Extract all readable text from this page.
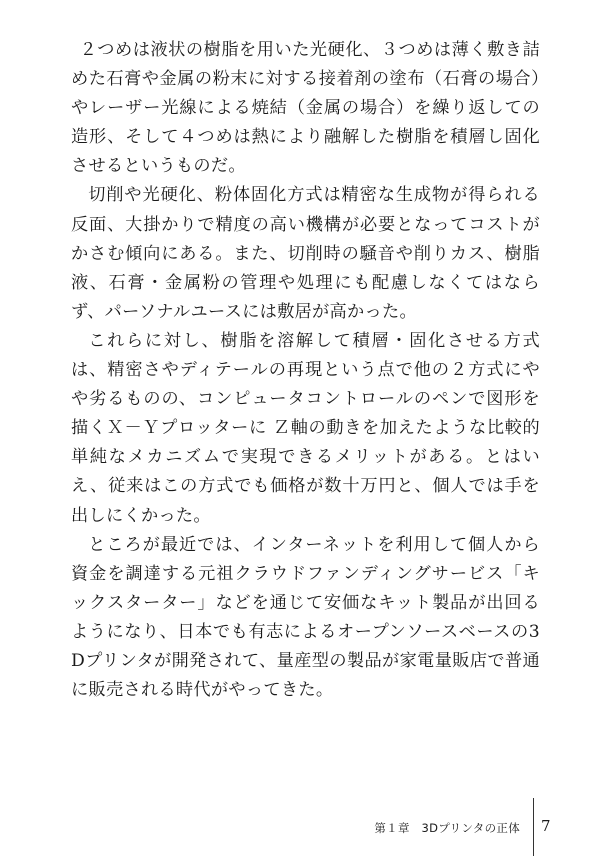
２つめは液状の樹脂を用いた光硬化、３つめは薄く敷き詰めた石膏や金属の粉末に対する接着剤の塗布（石膏の場合）やレーザー光線による焼結（金属の場合）を繰り返しての造形、そして４つめは熱により融解した樹脂を積層し固化させるというものだ。

切削や光硬化、粉体固化方式は精密な生成物が得られる反面、大掛かりで精度の高い機構が必要となってコストがかさむ傾向にある。また、切削時の騒音や削りカス、樹脂液、石膏・金属粉の管理や処理にも配慮しなくてはならず、パーソナルユースには敷居が高かった。

これらに対し、樹脂を溶解して積層・固化させる方式は、精密さやディテールの再現という点で他の２方式にやや劣るものの、コンピュータコントロールのペンで図形を描くＸ－Ｙプロッターに Ｚ軸の動きを加えたような比較的単純なメカニズムで実現できるメリットがある。とはいえ、従来はこの方式でも価格が数十万円と、個人では手を出しにくかった。

ところが最近では、インターネットを利用して個人から資金を調達する元祖クラウドファンディングサービス「キックスターター」などを通じて安価なキット製品が出回るようになり、日本でも有志によるオープンソースベースの3Dプリンタが開発されて、量産型の製品が家電量販店で普通に販売される時代がやってきた。

第１章　3Dプリンタの正体 7
